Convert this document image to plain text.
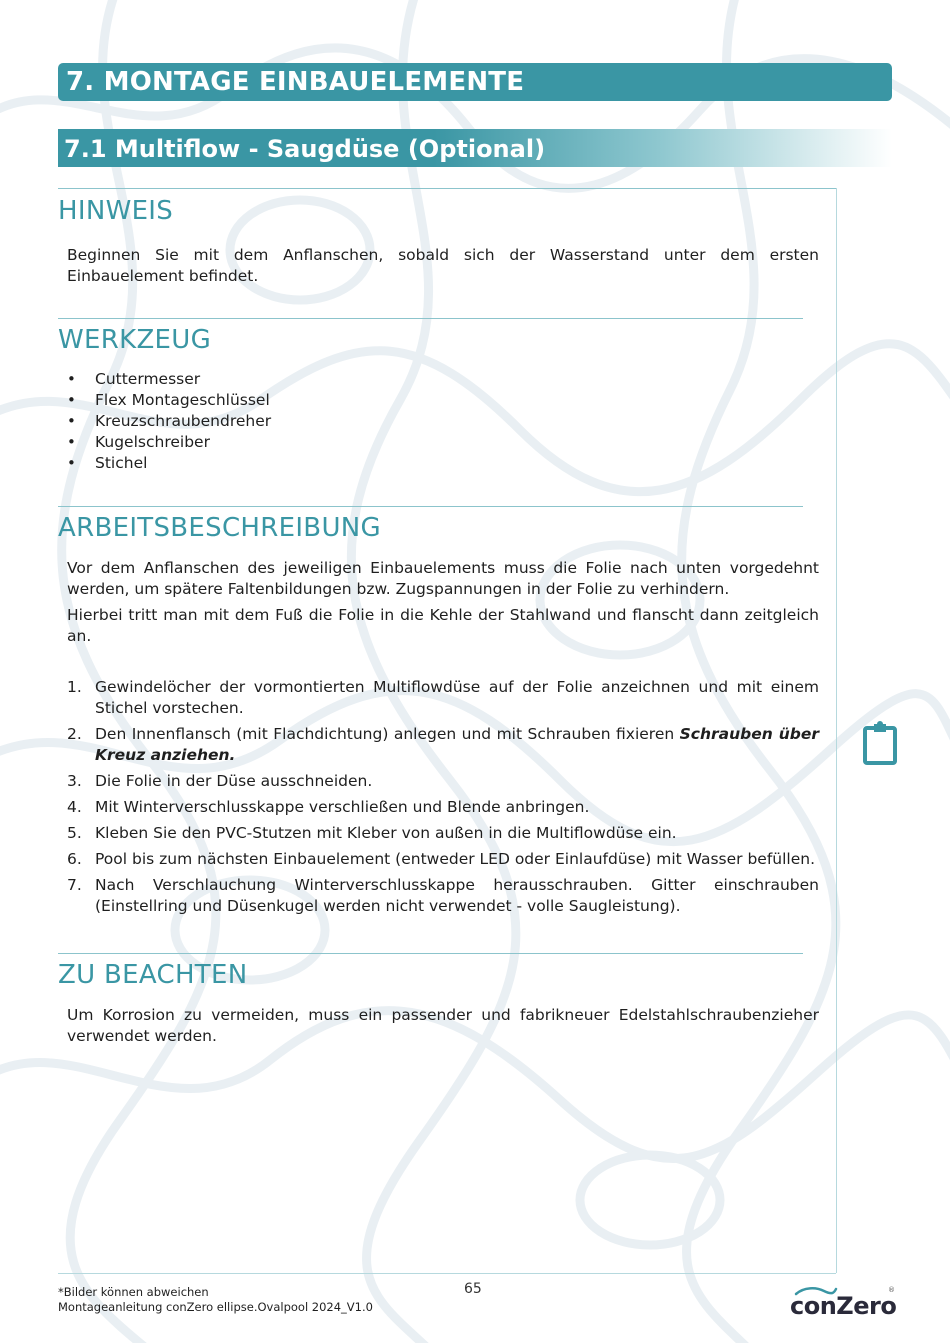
7. MONTAGE EINBAUELEMENTE
7.1 Multiflow - Saugdüse (Optional)
HINWEIS
Beginnen Sie mit dem Anflanschen, sobald sich der Wasserstand unter dem ersten Einbauelement befindet.
WERKZEUG
• Cuttermesser
• Flex Montageschlüssel
• Kreuzschraubendreher
• Kugelschreiber
• Stichel
ARBEITSBESCHREIBUNG
Vor dem Anflanschen des jeweiligen Einbauelements muss die Folie nach unten vorgedehnt werden, um spätere Faltenbildungen bzw. Zugspannungen in der Folie zu verhindern.
Hierbei tritt man mit dem Fuß die Folie in die Kehle der Stahlwand und flanscht dann zeitgleich an.
1. Gewindelöcher der vormontierten Multiflowdüse auf der Folie anzeichnen und mit einem Stichel vorstechen.
2. Den Innenflansch (mit Flachdichtung) anlegen und mit Schrauben fixieren Schrauben über Kreuz anziehen.
3. Die Folie in der Düse ausschneiden.
4. Mit Winterverschlusskappe verschließen und Blende anbringen.
5. Kleben Sie den PVC-Stutzen mit Kleber von außen in die Multiflowdüse ein.
6. Pool bis zum nächsten Einbauelement (entweder LED oder Einlaufdüse) mit Wasser befüllen.
7. Nach Verschlauchung Winterverschlusskappe herausschrauben. Gitter einschrauben (Einstellring und Düsenkugel werden nicht verwendet - volle Saugleistung).
ZU BEACHTEN
Um Korrosion zu vermeiden, muss ein passender und fabrikneuer Edelstahlschraubenzieher verwendet werden.
*Bilder können abweichen
Montageanleitung conZero ellipse.Ovalpool 2024_V1.0
65
conZero
®
